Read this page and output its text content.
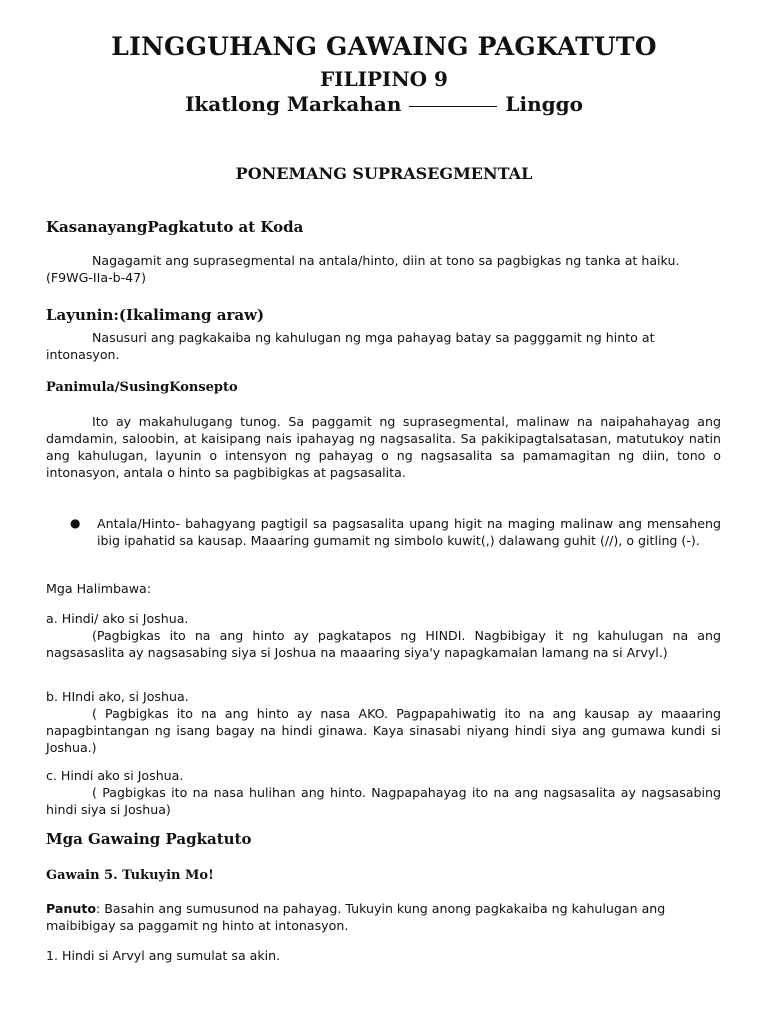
LINGGUHANG GAWAING PAGKATUTO
FILIPINO 9
Ikatlong Markahan	Linggo
PONEMANG SUPRASEGMENTAL
KasanayangPagkatuto at Koda
Nagagamit ang suprasegmental na antala/hinto, diin at tono sa pagbigkas ng tanka at haiku. (F9WG-IIa-b-47)
Layunin:(Ikalimang araw)
Nasusuri ang pagkakaiba ng kahulugan ng mga pahayag batay sa pagggamit ng hinto at intonasyon.
Panimula/SusingKonsepto
Ito ay makahulugang tunog. Sa paggamit ng suprasegmental, malinaw na naipahahayag ang damdamin, saloobin, at kaisipang nais ipahayag ng nagsasalita. Sa pakikipagtalsatasan, matutukoy natin ang kahulugan, layunin o intensyon ng pahayag o ng nagsasalita sa pamamagitan ng diin, tono o intonasyon, antala o hinto sa pagbibigkas at pagsasalita.
● Antala/Hinto- bahagyang pagtigil sa pagsasalita upang higit na maging malinaw ang mensaheng ibig ipahatid sa kausap. Maaaring gumamit ng simbolo kuwit(,) dalawang guhit (//), o gitling (-).
Mga Halimbawa:
a. Hindi/ ako si Joshua.
(Pagbigkas ito na ang hinto ay pagkatapos ng HINDI. Nagbibigay it ng kahulugan na ang nagsasaslita ay nagsasabing siya si Joshua na maaaring siya'y napagkamalan lamang na si Arvyl.)
b. HIndi ako, si Joshua.
( Pagbigkas ito na ang hinto ay nasa AKO. Pagpapahiwatig ito na ang kausap ay maaaring napagbintangan ng isang bagay na hindi ginawa. Kaya sinasabi niyang hindi siya ang gumawa kundi si Joshua.)
c. Hindi ako si Joshua.
( Pagbigkas ito na nasa hulihan ang hinto. Nagpapahayag ito na ang nagsasalita ay nagsasabing hindi siya si Joshua)
Mga Gawaing Pagkatuto
Gawain 5. Tukuyin Mo!
Panuto: Basahin ang sumusunod na pahayag. Tukuyin kung anong pagkakaiba ng kahulugan ang maibibigay sa paggamit ng hinto at intonasyon.
1. Hindi si Arvyl ang sumulat sa akin.
